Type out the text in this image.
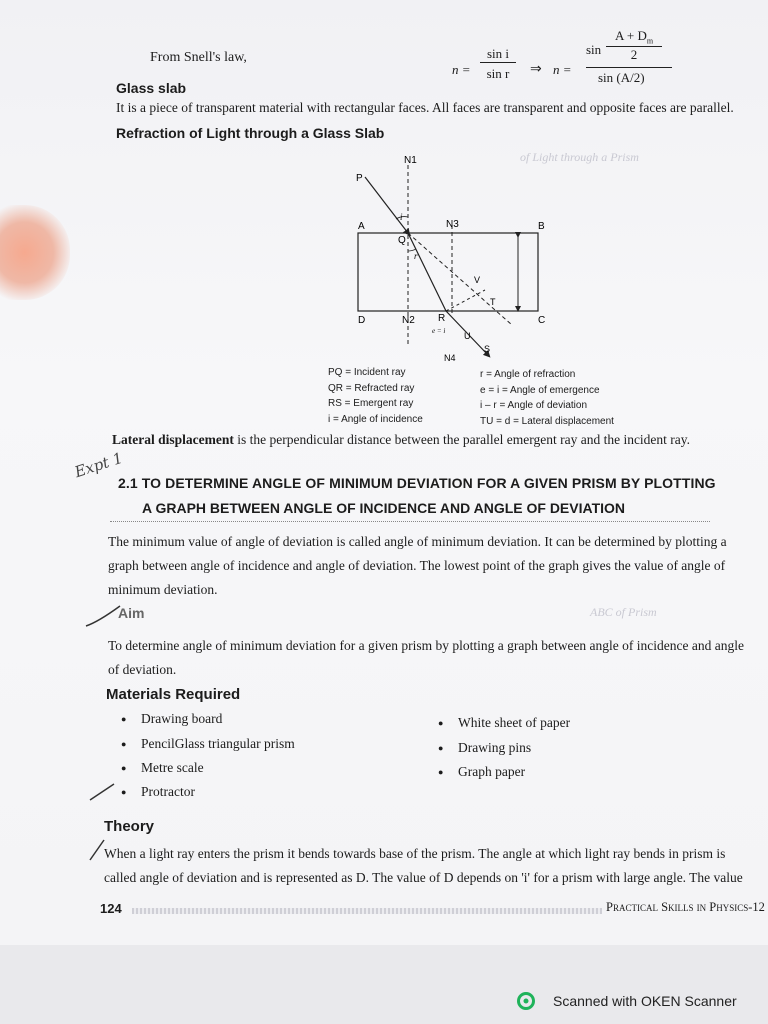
of Light through a Prism
ABC of Prism
From Snell's law,
$n = \frac{\text{sin i}}{\text{sin r}}$ ⇒ n =
$\sin \frac{A + D_m}{2}$
sin (A/2)
Glass slab
It is a piece of transparent material with rectangular faces. All faces are transparent and opposite faces are parallel.
Refraction of Light through a Glass Slab
N1
P
A
Q
N3	B
i
r
V
T
D	N2 R	C
U
S
N4
e = i
PQ = Incident ray
QR = Refracted ray
RS = Emergent ray
i = Angle of incidence
r = Angle of refraction
e = i = Angle of emergence
i – r = Angle of deviation
TU = d = Lateral displacement
Lateral displacement is the perpendicular distance between the parallel emergent ray and the incident ray.
Expt 1
2.1 TO DETERMINE ANGLE OF MINIMUM DEVIATION FOR A GIVEN PRISM BY PLOTTING
A GRAPH BETWEEN ANGLE OF INCIDENCE AND ANGLE OF DEVIATION
The minimum value of angle of deviation is called angle of minimum deviation. It can be determined by plotting a
graph between angle of incidence and angle of deviation. The lowest point of the graph gives the value of angle of
minimum deviation.
Aim
To determine angle of minimum deviation for a given prism by plotting a graph between angle of incidence and angle
of deviation.
Materials Required
● Drawing board
● PencilGlass triangular prism
● Metre scale
● Protractor
● White sheet of paper
● Drawing pins
● Graph paper
Theory
When a light ray enters the prism it bends towards base of the prism. The angle at which light ray bends in prism is
called angle of deviation and is represented as D. The value of D depends on 'i' for a prism with large angle. The value
124	Practical Skills in Physics-12
Scanned with OKEN Scanner
